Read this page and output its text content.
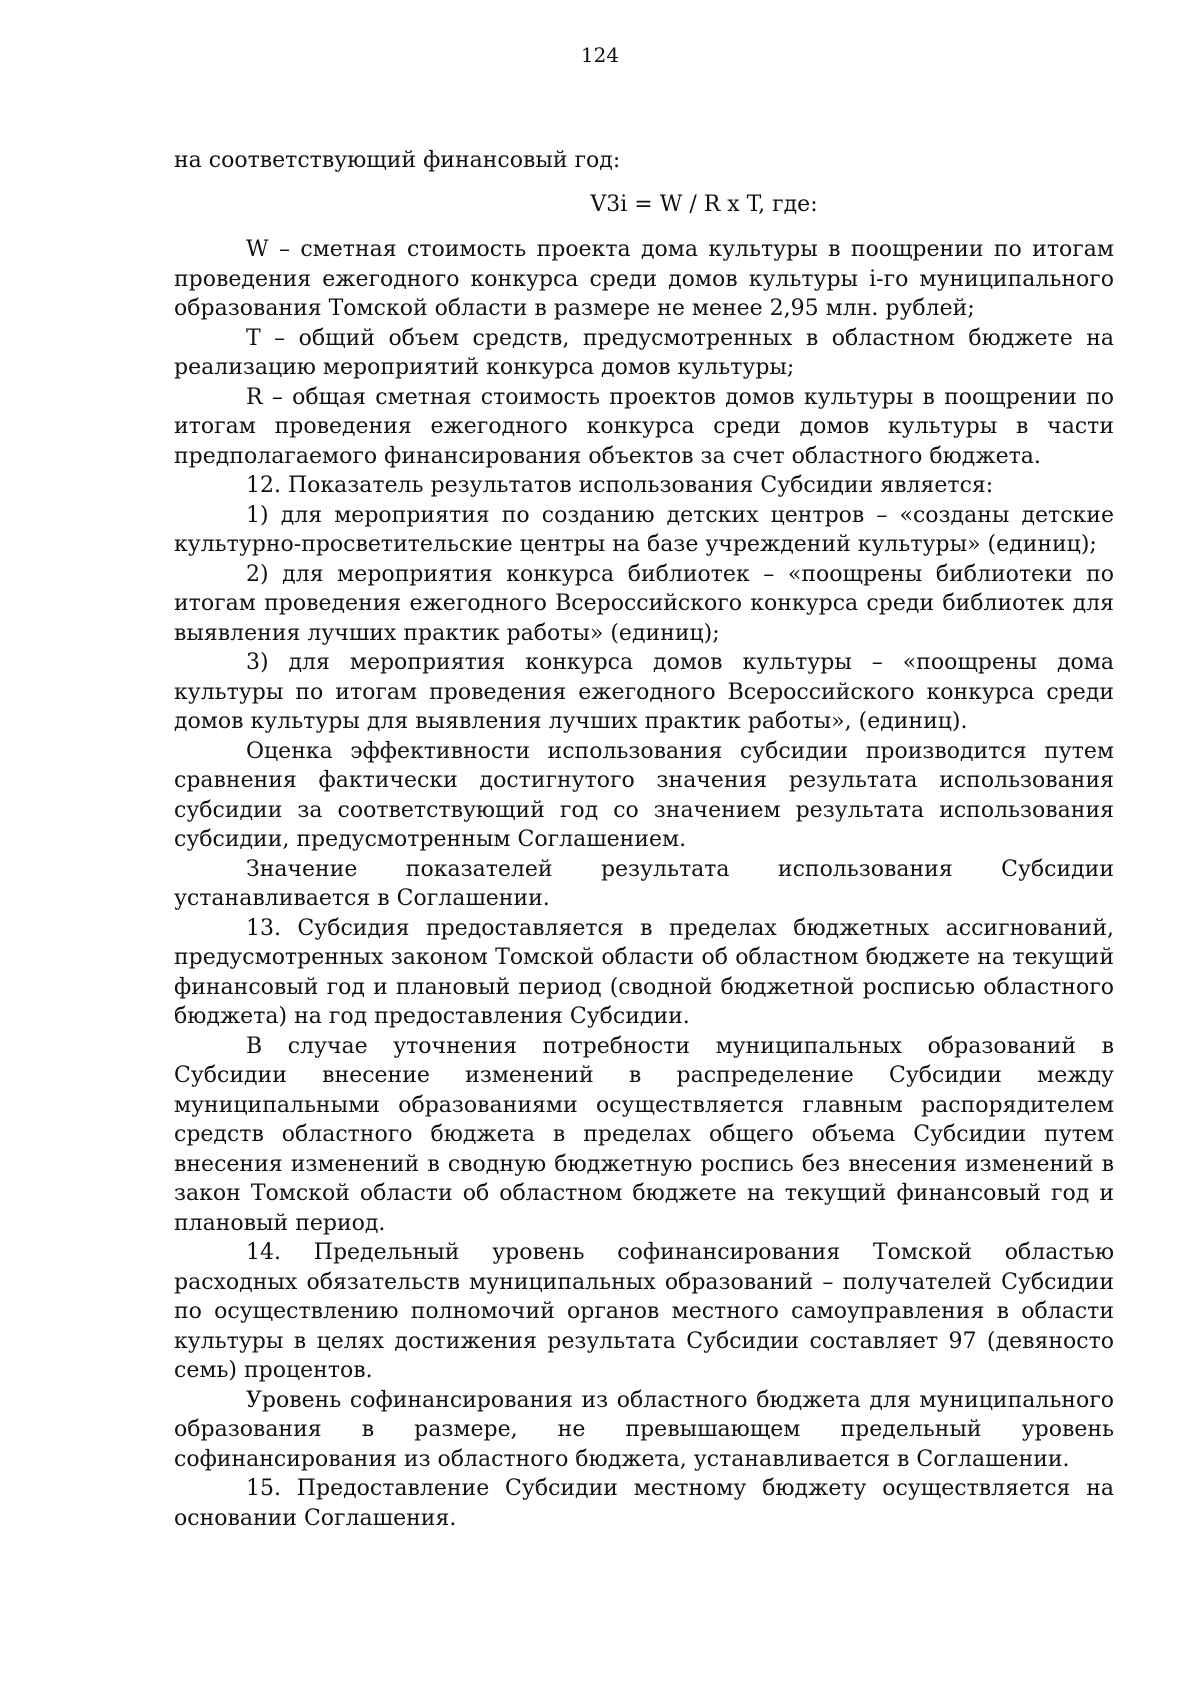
124

на соответствующий финансовый год:

V3i = W / R x T, где:

W – сметная стоимость проекта дома культуры в поощрении по итогам проведения ежегодного конкурса среди домов культуры i-го муниципального образования Томской области в размере не менее 2,95 млн. рублей;

T – общий объем средств, предусмотренных в областном бюджете на реализацию мероприятий конкурса домов культуры;

R – общая сметная стоимость проектов домов культуры в поощрении по итогам проведения ежегодного конкурса среди домов культуры в части предполагаемого финансирования объектов за счет областного бюджета.

12. Показатель результатов использования Субсидии является:

1) для мероприятия по созданию детских центров – «созданы детские культурно-просветительские центры на базе учреждений культуры» (единиц);

2) для мероприятия конкурса библиотек – «поощрены библиотеки по итогам проведения ежегодного Всероссийского конкурса среди библиотек для выявления лучших практик работы» (единиц);

3) для мероприятия конкурса домов культуры – «поощрены дома культуры по итогам проведения ежегодного Всероссийского конкурса среди домов культуры для выявления лучших практик работы», (единиц).

Оценка эффективности использования субсидии производится путем сравнения фактически достигнутого значения результата использования субсидии за соответствующий год со значением результата использования субсидии, предусмотренным Соглашением.

Значение показателей результата использования Субсидии устанавливается в Соглашении.

13. Субсидия предоставляется в пределах бюджетных ассигнований, предусмотренных законом Томской области об областном бюджете на текущий финансовый год и плановый период (сводной бюджетной росписью областного бюджета) на год предоставления Субсидии.

В случае уточнения потребности муниципальных образований в Субсидии внесение изменений в распределение Субсидии между муниципальными образованиями осуществляется главным распорядителем средств областного бюджета в пределах общего объема Субсидии путем внесения изменений в сводную бюджетную роспись без внесения изменений в закон Томской области об областном бюджете на текущий финансовый год и плановый период.

14. Предельный уровень софинансирования Томской областью расходных обязательств муниципальных образований – получателей Субсидии по осуществлению полномочий органов местного самоуправления в области культуры в целях достижения результата Субсидии составляет 97 (девяносто семь) процентов.

Уровень софинансирования из областного бюджета для муниципального образования в размере, не превышающем предельный уровень софинансирования из областного бюджета, устанавливается в Соглашении.

15. Предоставление Субсидии местному бюджету осуществляется на основании Соглашения.
